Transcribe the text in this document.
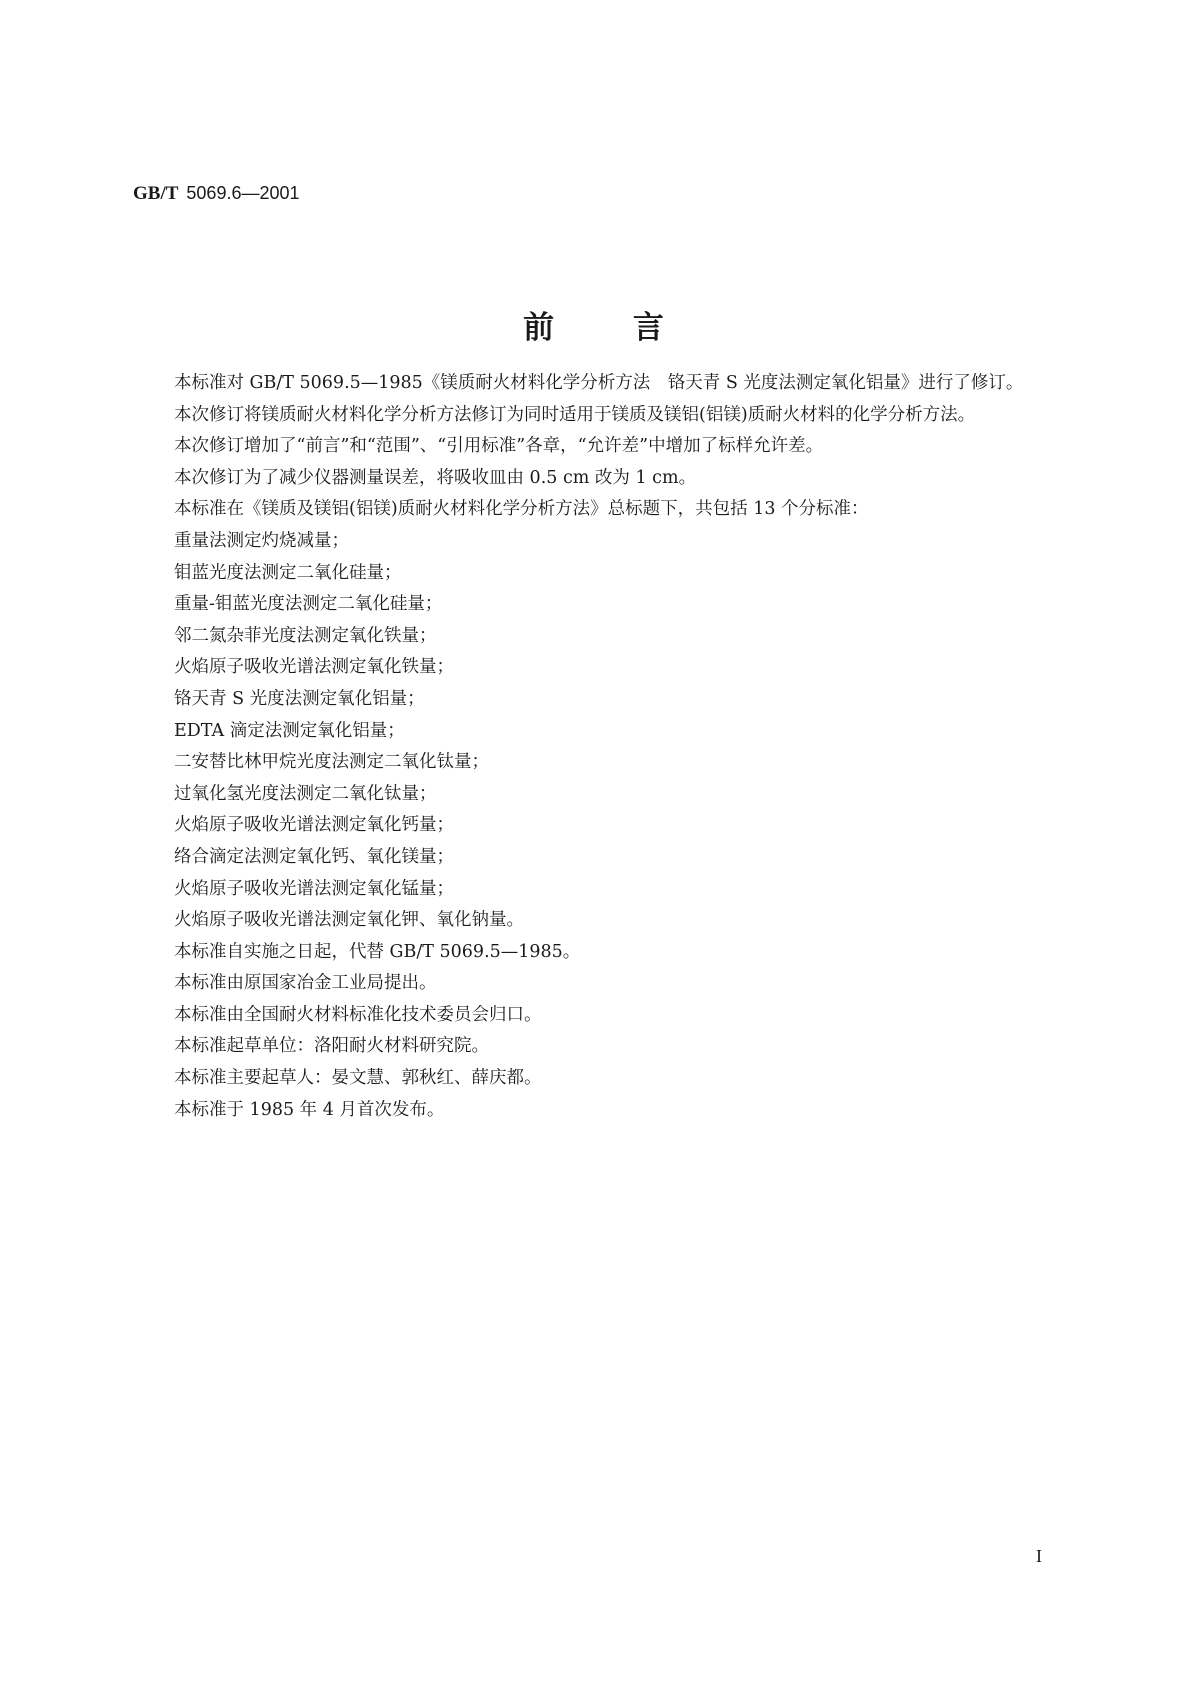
GB/T 5069.6—2001
前 言

本标准对 GB/T 5069.5—1985《镁质耐火材料化学分析方法　铬天青 S 光度法测定氧化铝量》进行了修订。

本次修订将镁质耐火材料化学分析方法修订为同时适用于镁质及镁铝(铝镁)质耐火材料的化学分析方法。

本次修订增加了“前言”和“范围”、“引用标准”各章，“允许差”中增加了标样允许差。

本次修订为了减少仪器测量误差，将吸收皿由 0.5 cm 改为 1 cm。

本标准在《镁质及镁铝(铝镁)质耐火材料化学分析方法》总标题下，共包括 13 个分标准：

重量法测定灼烧减量；
钼蓝光度法测定二氧化硅量；
重量-钼蓝光度法测定二氧化硅量；
邻二氮杂菲光度法测定氧化铁量；
火焰原子吸收光谱法测定氧化铁量；
铬天青 S 光度法测定氧化铝量；
EDTA 滴定法测定氧化铝量；
二安替比林甲烷光度法测定二氧化钛量；
过氧化氢光度法测定二氧化钛量；
火焰原子吸收光谱法测定氧化钙量；
络合滴定法测定氧化钙、氧化镁量；
火焰原子吸收光谱法测定氧化锰量；
火焰原子吸收光谱法测定氧化钾、氧化钠量。

本标准自实施之日起，代替 GB/T 5069.5—1985。

本标准由原国家冶金工业局提出。

本标准由全国耐火材料标准化技术委员会归口。

本标准起草单位：洛阳耐火材料研究院。

本标准主要起草人：晏文慧、郭秋红、薛庆都。

本标准于 1985 年 4 月首次发布。

I
